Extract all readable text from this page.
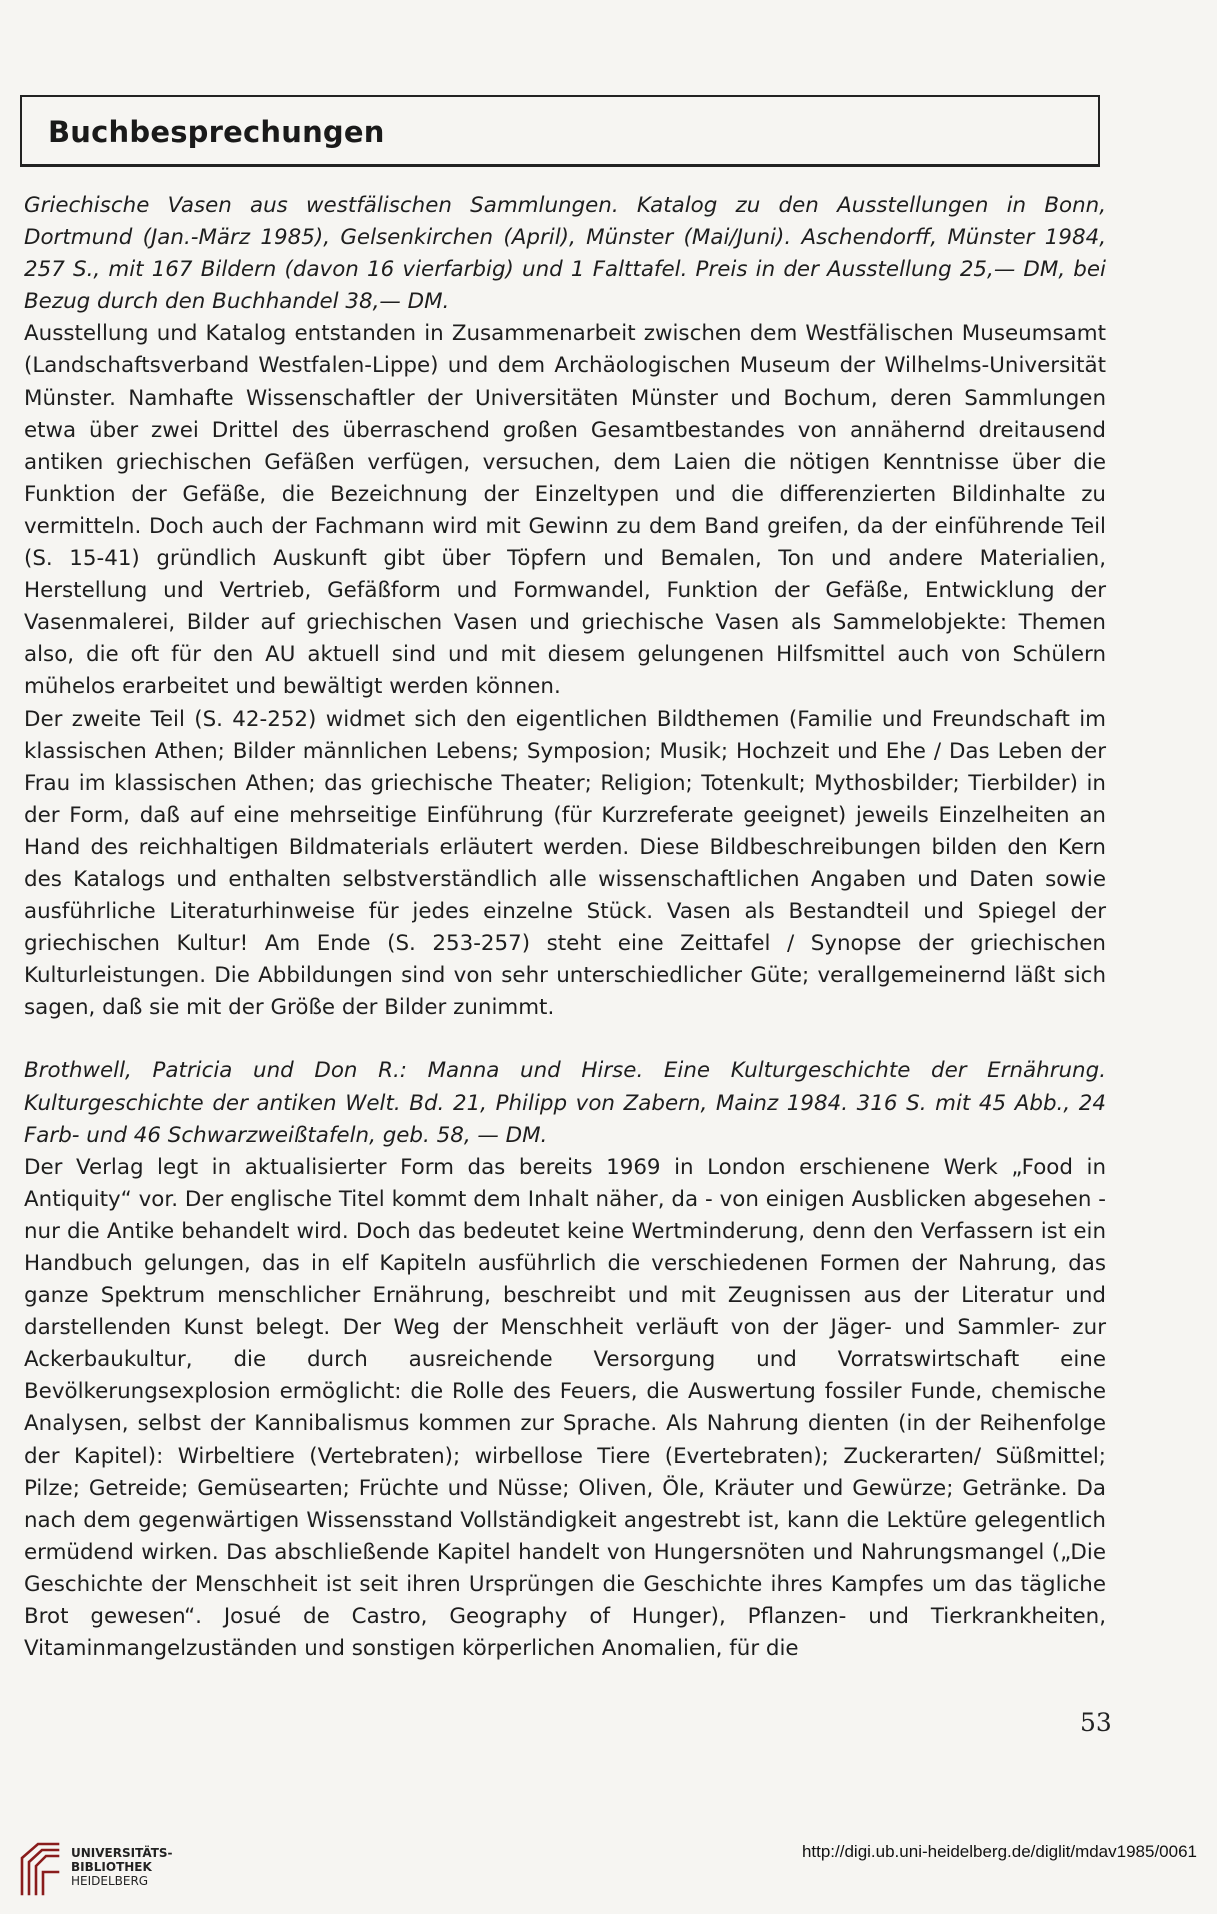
Buchbesprechungen

Griechische Vasen aus westfälischen Sammlungen. Katalog zu den Ausstellungen in Bonn, Dortmund (Jan.-März 1985), Gelsenkirchen (April), Münster (Mai/Juni). Aschendorff, Münster 1984, 257 S., mit 167 Bildern (davon 16 vierfarbig) und 1 Falttafel. Preis in der Ausstellung 25,— DM, bei Bezug durch den Buchhandel 38,— DM.

Ausstellung und Katalog entstanden in Zusammenarbeit zwischen dem Westfälischen Museumsamt (Landschaftsverband Westfalen-Lippe) und dem Archäologischen Museum der Wilhelms-Universität Münster. Namhafte Wissenschaftler der Universitäten Münster und Bochum, deren Sammlungen etwa über zwei Drittel des überraschend großen Gesamtbestandes von annähernd dreitausend antiken griechischen Gefäßen verfügen, versuchen, dem Laien die nötigen Kenntnisse über die Funktion der Gefäße, die Bezeichnung der Einzeltypen und die differenzierten Bildinhalte zu vermitteln. Doch auch der Fachmann wird mit Gewinn zu dem Band greifen, da der einführende Teil (S. 15-41) gründlich Auskunft gibt über Töpfern und Bemalen, Ton und andere Materialien, Herstellung und Vertrieb, Gefäßform und Formwandel, Funktion der Gefäße, Entwicklung der Vasenmalerei, Bilder auf griechischen Vasen und griechische Vasen als Sammelobjekte: Themen also, die oft für den AU aktuell sind und mit diesem gelungenen Hilfsmittel auch von Schülern mühelos erarbeitet und bewältigt werden können.

Der zweite Teil (S. 42-252) widmet sich den eigentlichen Bildthemen (Familie und Freundschaft im klassischen Athen; Bilder männlichen Lebens; Symposion; Musik; Hochzeit und Ehe / Das Leben der Frau im klassischen Athen; das griechische Theater; Religion; Totenkult; Mythosbilder; Tierbilder) in der Form, daß auf eine mehrseitige Einführung (für Kurzreferate geeignet) jeweils Einzelheiten an Hand des reichhaltigen Bildmaterials erläutert werden. Diese Bildbeschreibungen bilden den Kern des Katalogs und enthalten selbstverständlich alle wissenschaftlichen Angaben und Daten sowie ausführliche Literaturhinweise für jedes einzelne Stück. Vasen als Bestandteil und Spiegel der griechischen Kultur! Am Ende (S. 253-257) steht eine Zeittafel / Synopse der griechischen Kulturleistungen. Die Abbildungen sind von sehr unterschiedlicher Güte; verallgemeinernd läßt sich sagen, daß sie mit der Größe der Bilder zunimmt.

Brothwell, Patricia und Don R.: Manna und Hirse. Eine Kulturgeschichte der Ernährung. Kulturgeschichte der antiken Welt. Bd. 21, Philipp von Zabern, Mainz 1984. 316 S. mit 45 Abb., 24 Farb- und 46 Schwarzweißtafeln, geb. 58, — DM.

Der Verlag legt in aktualisierter Form das bereits 1969 in London erschienene Werk „Food in Antiquity“ vor. Der englische Titel kommt dem Inhalt näher, da - von einigen Ausblicken abgesehen - nur die Antike behandelt wird. Doch das bedeutet keine Wertminderung, denn den Verfassern ist ein Handbuch gelungen, das in elf Kapiteln ausführlich die verschiedenen Formen der Nahrung, das ganze Spektrum menschlicher Ernährung, beschreibt und mit Zeugnissen aus der Literatur und darstellenden Kunst belegt. Der Weg der Menschheit verläuft von der Jäger- und Sammler- zur Ackerbaukultur, die durch ausreichende Versorgung und Vorratswirtschaft eine Bevölkerungsexplosion ermöglicht: die Rolle des Feuers, die Auswertung fossiler Funde, chemische Analysen, selbst der Kannibalismus kommen zur Sprache. Als Nahrung dienten (in der Reihenfolge der Kapitel): Wirbeltiere (Vertebraten); wirbellose Tiere (Evertebraten); Zuckerarten/ Süßmittel; Pilze; Getreide; Gemüsearten; Früchte und Nüsse; Oliven, Öle, Kräuter und Gewürze; Getränke. Da nach dem gegenwärtigen Wissensstand Vollständigkeit angestrebt ist, kann die Lektüre gelegentlich ermüdend wirken. Das abschließende Kapitel handelt von Hungersnöten und Nahrungsmangel („Die Geschichte der Menschheit ist seit ihren Ursprüngen die Geschichte ihres Kampfes um das tägliche Brot gewesen“. Josué de Castro, Geography of Hunger), Pflanzen- und Tierkrankheiten, Vitaminmangelzuständen und sonstigen körperlichen Anomalien, für die

53
UNIVERSITÄTS-
BIBLIOTHEK
HEIDELBERG
http://digi.ub.uni-heidelberg.de/diglit/mdav1985/0061
